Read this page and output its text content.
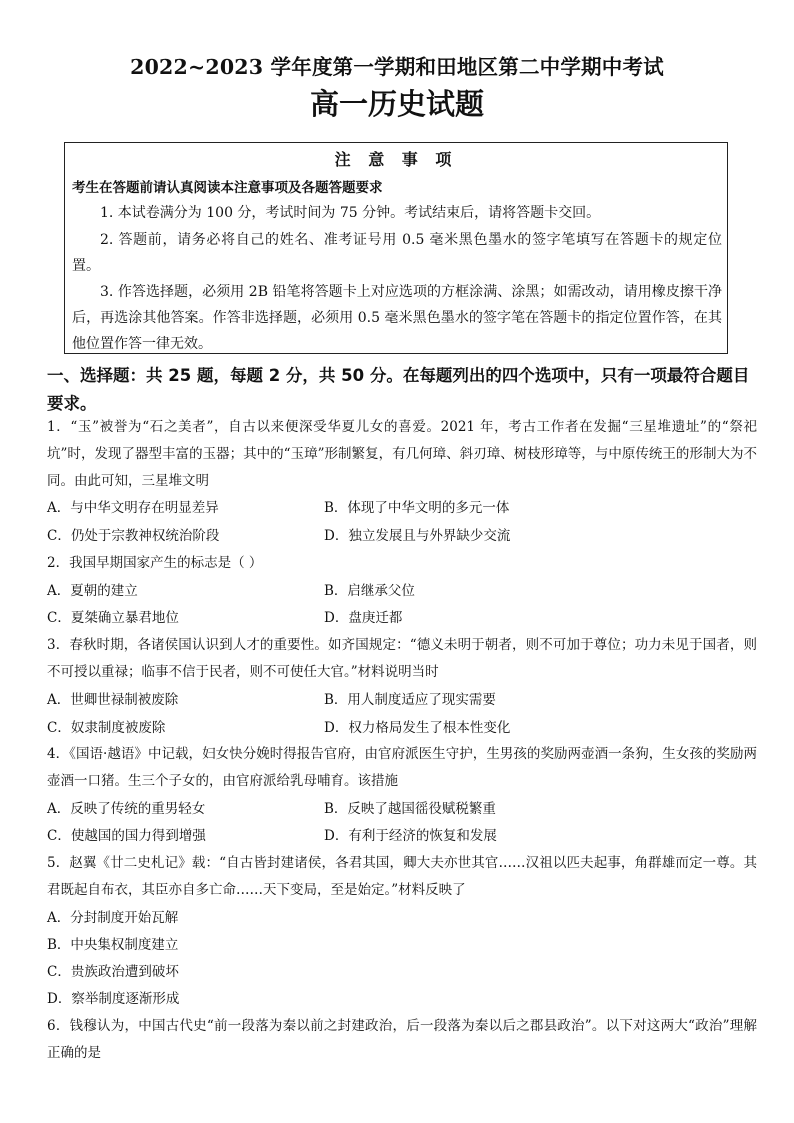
2022~2023 学年度第一学期和田地区第二中学期中考试
高一历史试题
注 意 事 项
考生在答题前请认真阅读本注意事项及各题答题要求
1. 本试卷满分为 100 分，考试时间为 75 分钟。考试结束后，请将答题卡交回。
2. 答题前，请务必将自己的姓名、准考证号用 0.5 毫米黑色墨水的签字笔填写在答题卡的规定位置。
3. 作答选择题，必须用 2B 铅笔将答题卡上对应选项的方框涂满、涂黑；如需改动，请用橡皮擦干净后，再选涂其他答案。作答非选择题，必须用 0.5 毫米黑色墨水的签字笔在答题卡的指定位置作答，在其他位置作答一律无效。
一、选择题：共 25 题，每题 2 分，共 50 分。在每题列出的四个选项中，只有一项最符合题目要求。
1．“玉”被誉为“石之美者”，自古以来便深受华夏儿女的喜爱。2021 年，考古工作者在发掘“三星堆遗址”的“祭祀坑”时，发现了器型丰富的玉器；其中的“玉璋”形制繁复，有几何璋、斜刃璋、树枝形璋等，与中原传统王的形制大为不同。由此可知，三星堆文明
A．与中华文明存在明显差异	B．体现了中华文明的多元一体
C．仍处于宗教神权统治阶段	D．独立发展且与外界缺少交流
2．我国早期国家产生的标志是（ ）
A．夏朝的建立	B．启继承父位
C．夏桀确立暴君地位	D．盘庚迁都
3．春秋时期，各诸侯国认识到人才的重要性。如齐国规定：“德义未明于朝者，则不可加于尊位；功力未见于国者，则不可授以重禄；临事不信于民者，则不可使任大官。”材料说明当时
A．世卿世禄制被废除	B．用人制度适应了现实需要
C．奴隶制度被废除	D．权力格局发生了根本性变化
4．《国语·越语》中记载，妇女快分娩时得报告官府，由官府派医生守护，生男孩的奖励两壶酒一条狗，生女孩的奖励两壶酒一口猪。生三个子女的，由官府派给乳母哺育。该措施
A．反映了传统的重男轻女	B．反映了越国徭役赋税繁重
C．使越国的国力得到增强	D．有利于经济的恢复和发展
5．赵翼《廿二史札记》载：“自古皆封建诸侯，各君其国，卿大夫亦世其官……汉祖以匹夫起事，角群雄而定一尊。其君既起自布衣，其臣亦自多亡命……天下变局，至是始定。”材料反映了
A．分封制度开始瓦解
B．中央集权制度建立
C．贵族政治遭到破坏
D．察举制度逐渐形成
6．钱穆认为，中国古代史“前一段落为秦以前之封建政治，后一段落为秦以后之郡县政治”。以下对这两大“政治”理解正确的是
